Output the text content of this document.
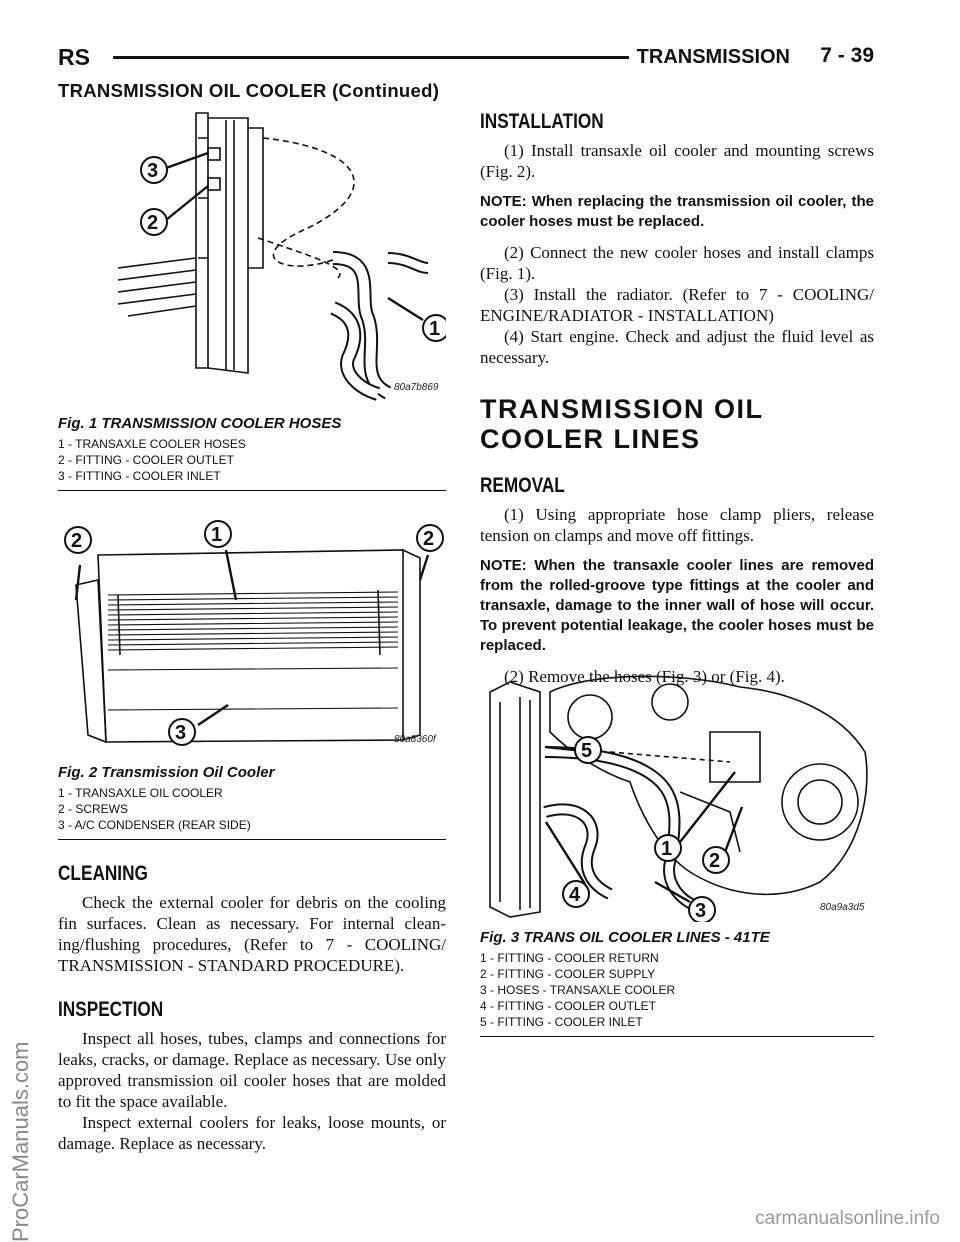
RS	TRANSMISSION 7 - 39
TRANSMISSION OIL COOLER (Continued)
3
2
1
80a7b869
Fig. 1 TRANSMISSION COOLER HOSES
1 - TRANSAXLE COOLER HOSES
2 - FITTING - COOLER OUTLET
3 - FITTING - COOLER INLET
2	1	2
3	80a8360f
Fig. 2 Transmission Oil Cooler
1 - TRANSAXLE OIL COOLER
2 - SCREWS
3 - A/C CONDENSER (REAR SIDE)
CLEANING

Check the external cooler for debris on the cooling fin surfaces. Clean as necessary. For internal clean-ing/flushing procedures, (Refer to 7 - COOLING/ TRANSMISSION - STANDARD PROCEDURE).

INSPECTION

Inspect all hoses, tubes, clamps and connections for leaks, cracks, or damage. Replace as necessary. Use only approved transmission oil cooler hoses that are molded to fit the space available.

Inspect external coolers for leaks, loose mounts, or damage. Replace as necessary.

INSTALLATION

(1) Install transaxle oil cooler and mounting screws (Fig. 2).

NOTE: When replacing the transmission oil cooler, the cooler hoses must be replaced.

(2) Connect the new cooler hoses and install clamps (Fig. 1).

(3) Install the radiator. (Refer to 7 - COOLING/ ENGINE/RADIATOR - INSTALLATION)

(4) Start engine. Check and adjust the fluid level as necessary.

TRANSMISSION OIL COOLER LINES
REMOVAL

(1) Using appropriate hose clamp pliers, release tension on clamps and move off fittings.

NOTE: When the transaxle cooler lines are removed from the rolled-groove type fittings at the cooler and transaxle, damage to the inner wall of hose will occur. To prevent potential leakage, the cooler hoses must be replaced.

(2) Remove the hoses (Fig. 3) or (Fig. 4).

5
1
2
4
3	80a9a3d5
Fig. 3 TRANS OIL COOLER LINES - 41TE
1 - FITTING - COOLER RETURN
2 - FITTING - COOLER SUPPLY
3 - HOSES - TRANSAXLE COOLER
4 - FITTING - COOLER OUTLET
5 - FITTING - COOLER INLET
ProCarManuals.com	carmanualsonline.info
